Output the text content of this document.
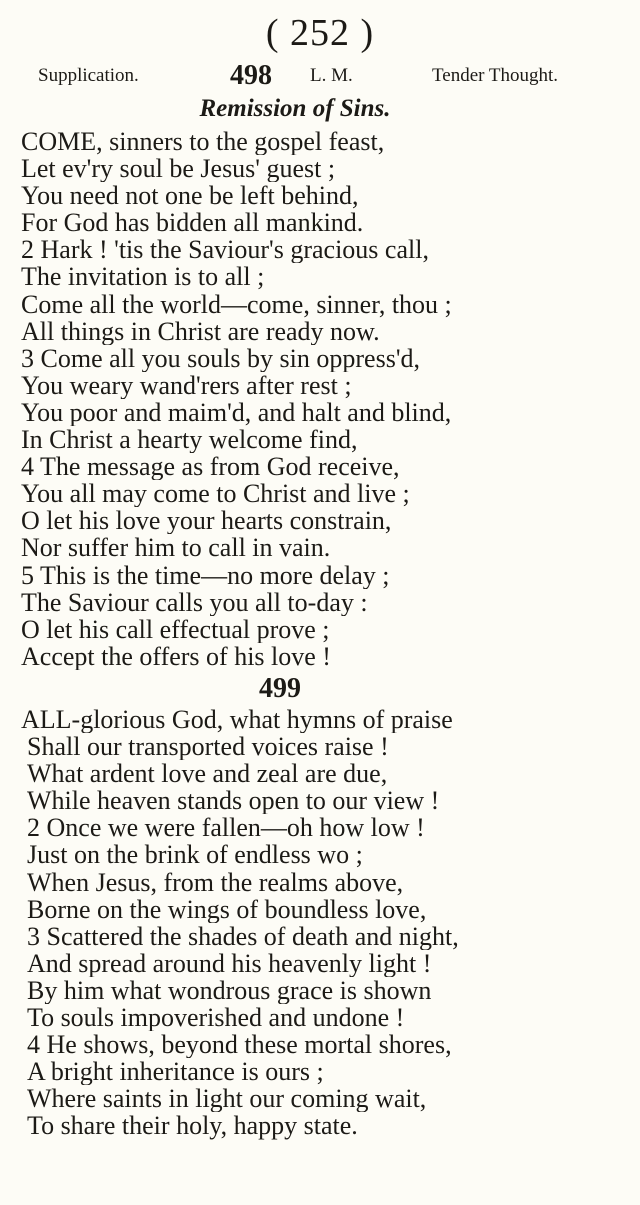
( 252 )
Supplication.	498 L. M.	Tender Thought.
Remission of Sins.
COME, sinners to the gospel feast,
Let ev'ry soul be Jesus' guest ;
You need not one be left behind,
For God has bidden all mankind.
2 Hark ! 'tis the Saviour's gracious call,
The invitation is to all ;
Come all the world—come, sinner, thou ;
All things in Christ are ready now.
3 Come all you souls by sin oppress'd,
You weary wand'rers after rest ;
You poor and maim'd, and halt and blind,
In Christ a hearty welcome find,
4 The message as from God receive,
You all may come to Christ and live ;
O let his love your hearts constrain,
Nor suffer him to call in vain.
5 This is the time—no more delay ;
The Saviour calls you all to-day :
O let his call effectual prove ;
Accept the offers of his love !
499
ALL-glorious God, what hymns of praise
Shall our transported voices raise !
What ardent love and zeal are due,
While heaven stands open to our view !
2 Once we were fallen—oh how low !
Just on the brink of endless wo ;
When Jesus, from the realms above,
Borne on the wings of boundless love,
3 Scattered the shades of death and night,
And spread around his heavenly light !
By him what wondrous grace is shown
To souls impoverished and undone !
4 He shows, beyond these mortal shores,
A bright inheritance is ours ;
Where saints in light our coming wait,
To share their holy, happy state.
